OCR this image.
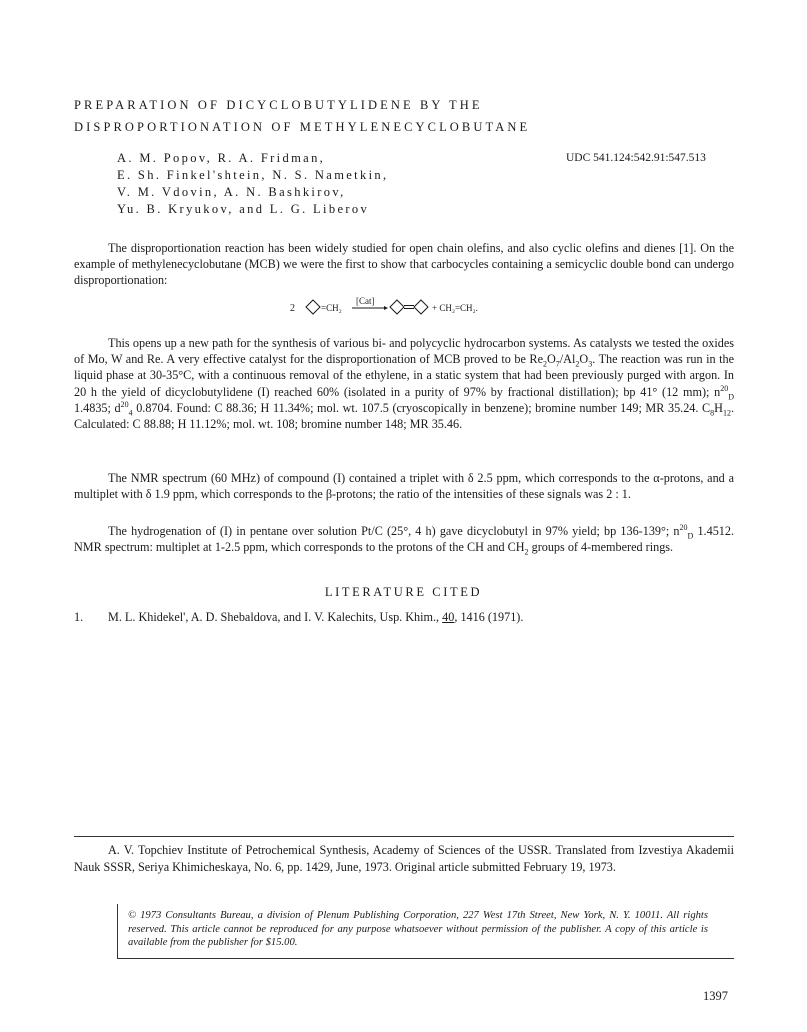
PREPARATION OF DICYCLOBUTYLIDENE BY THE
DISPROPORTIONATION OF METHYLENECYCLOBUTANE
A. M. Popov, R. A. Fridman,
E. Sh. Finkel'shtein, N. S. Nametkin,
V. M. Vdovin, A. N. Bashkirov,
Yu. B. Kryukov, and L. G. Liberov
UDC 541.124:542.91:547.513

The disproportionation reaction has been widely studied for open chain olefins, and also cyclic olefins and dienes [1]. On the example of methylenecyclobutane (MCB) we were the first to show that carbocycles containing a semicyclic double bond can undergo disproportionation:

2	=CH₂
[Cat]
+ CH₂=CH₂.

This opens up a new path for the synthesis of various bi- and polycyclic hydrocarbon systems. As catalysts we tested the oxides of Mo, W and Re. A very effective catalyst for the disproportionation of MCB proved to be $Re_2O_7/Al_2O_3$. The reaction was run in the liquid phase at 30-35°C, with a continuous removal of the ethylene, in a static system that had been previously purged with argon. In 20 h the yield of dicyclobutylidene (I) reached 60% (isolated in a purity of 97% by fractional distillation); bp 41° (12 mm); $n^{20}_D$ 1.4835; $d^{20}_4$ 0.8704. Found: C 88.36; H 11.34%; mol. wt. 107.5 (cryoscopically in benzene); bromine number 149; MR 35.24. $C_8H_{12}$. Calculated: C 88.88; H 11.12%; mol. wt. 108; bromine number 148; MR 35.46.

The NMR spectrum (60 MHz) of compound (I) contained a triplet with δ 2.5 ppm, which corresponds to the α-protons, and a multiplet with δ 1.9 ppm, which corresponds to the β-protons; the ratio of the intensities of these signals was 2 : 1.

The hydrogenation of (I) in pentane over solution Pt/C (25°, 4 h) gave dicyclobutyl in 97% yield; bp 136-139°; $n^{20}_D$ 1.4512. NMR spectrum: multiplet at 1-2.5 ppm, which corresponds to the protons of the CH and $CH_2$ groups of 4-membered rings.

LITERATURE CITED
1. M. L. Khidekel', A. D. Shebaldova, and I. V. Kalechits, Usp. Khim., 40, 1416 (1971).

A. V. Topchiev Institute of Petrochemical Synthesis, Academy of Sciences of the USSR. Translated from Izvestiya Akademii Nauk SSSR, Seriya Khimicheskaya, No. 6, pp. 1429, June, 1973. Original article submitted February 19, 1973.

© 1973 Consultants Bureau, a division of Plenum Publishing Corporation, 227 West 17th Street, New York, N. Y. 10011. All rights reserved. This article cannot be reproduced for any purpose whatsoever without permission of the publisher. A copy of this article is available from the publisher for $15.00.
1397
